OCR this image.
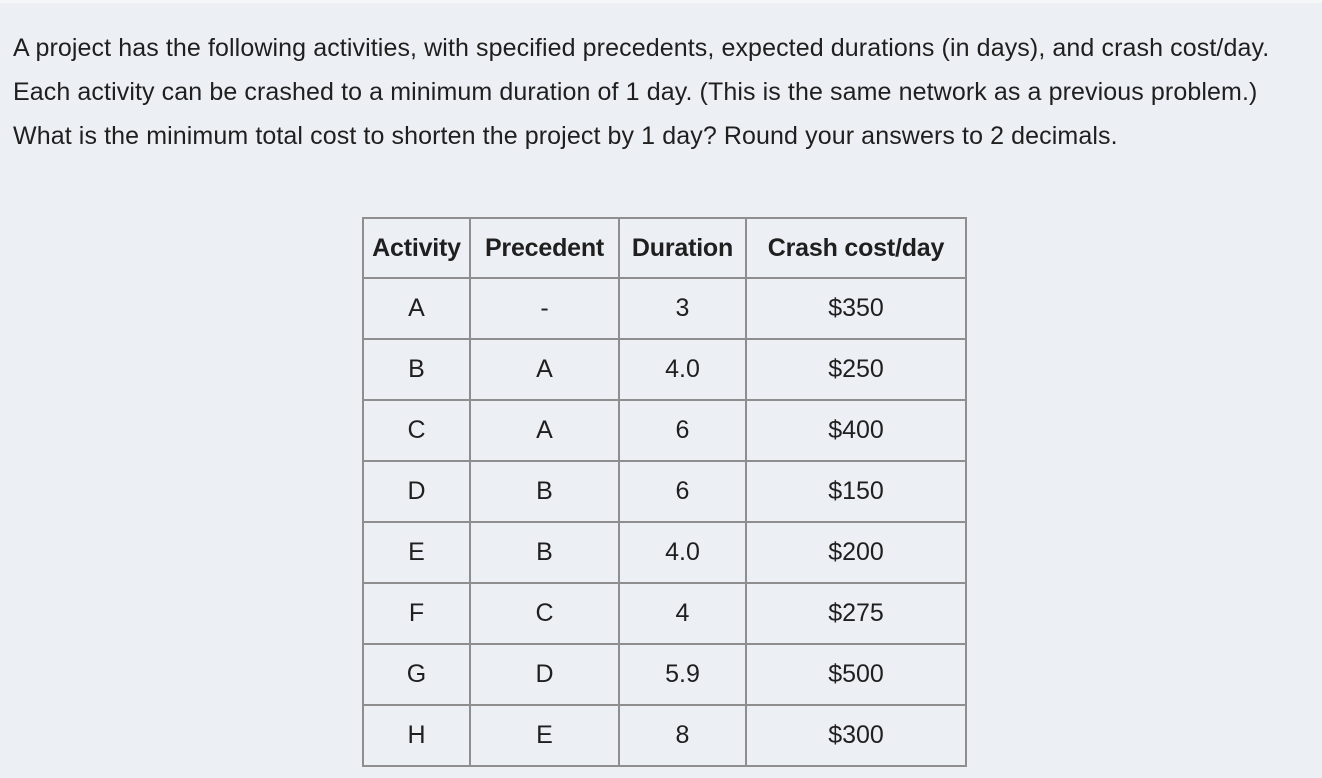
A project has the following activities, with specified precedents, expected durations (in days), and crash cost/day. Each activity can be crashed to a minimum duration of 1 day. (This is the same network as a previous problem.) What is the minimum total cost to shorten the project by 1 day? Round your answers to 2 decimals.

Activity	Precedent	Duration	Crash cost/day
A	-	3	$350
B	A	4.0	$250
C	A	6	$400
D	B	6	$150
E	B	4.0	$200
F	C	4	$275
G	D	5.9	$500
H	E	8	$300
